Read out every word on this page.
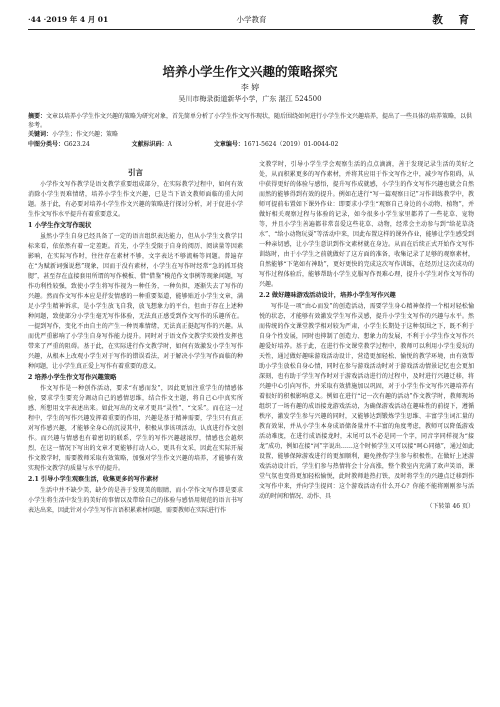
·44 ·2019 年 4 月 01	小学教育	教 育
培养小学生作文兴趣的策略探究
李 婷
吴川市梅录街道新华小学，广东 湛江 524500
摘要：文章以培养小学生作文兴趣的策略为研究对象，首先简单分析了小学生作文写作现状，随后围绕如何进行小学生作文兴趣培养，提出了一些具体的培养策略，以供参考。
关键词：小学生；作文兴趣；策略
中图分类号：G623.24	文献标识码：A	文章编号：1671-5624（2019）01-0044-02
引言

小学作文写作教学是语文教学重要组成部分，在实际教学过程中，如何有效消除小学生畏难情绪，培养小学生作文兴趣，已是当下语文教师面临的重大问题。基于此，有必要对培养小学生作文兴趣的策略进行探讨分析，对于促进小学生作文写作水平提升有着重要意义。

1 小学生作文写作现状

虽然小学生自身已经具备了一定的语言组织表达能力，但从小学生文教学目标来看，依依然有着一定差距。首先，小学生受限于自身的阅历、阅读量等因素影响，在实际写作时，往往存在素材不够，文字表达不够流畅等问题。普遍存在“为赋新词强说愁”现象，因而于没有素材，小学生在写作时经常“急的抓耳挠腮”，甚至存在直接套用所谓的写作模板、借“借鉴”模范作文事例等现象问题，写作功利性较强，致使小学生将写作视为一种任务，一种负担，逐渐失去了写作的兴趣。然而作文写作本应是抒发情感的一种重要渠道，能够贴近小学生文章，满足小学生精神诉求，是小学生放飞自我，放飞想象力的平台，但由于存在上述种种问题，致使部分小学生毫无写作体验，无法真正感受到作文写作的乐趣所在。一提到写作，变化不由自主的产生一种畏难情绪，无法真正挺起写作的兴趣。从而优严重影响了小学生自身写作能力提升。同时对于语文作文教学实效性发挥也带来了严重的阻碍。基于此，在实际进行作文教学时，如何有效激发小学生写作兴趣，从根本上改观小学生对于写作的错误看法，对于解决小学生写作面临的种种问题，让小学生真正爱上写作有着重要的意义。

2 培养小学生作文写作兴趣策略

作文写作是一种创作活动，要求“有感而发”，因此更加注重学生的情感体验，要求学生要充分调动自己的感情思维，结合作文主题，将自己心中真实所感、所想用文字表述出来。如此写出的文章才更具“灵性”、“文采”。而在这一过程中，学生的写作兴趣发挥着重要的作用，兴趣是基于精神需要，学生只有真正对写作感兴趣，才能够全身心的沉浸其中，积极从事该项活动，认真进行作文创作。而兴趣与情感也有着密切的联系，学生的写作兴趣越浓厚，情感也会越炽烈，在这一情况下写出的文章才更能够打动人心，更具有文采，因此在实际开展作文教学时，需要教师采取有效策略，加强对学生作文兴趣的培养，才能够有效实现作文教学的质量与水平的提升。

2.1 引导小学生观察生活，收集更多的写作素材

生活中并不缺少美，缺少的是善于发现美的眼睛，而小学作文写作即是要求小学生将生活中发生的美好的事情以及带给自己的体验与感悟用规范的语言书写表达出来，因此针对小学生写作言语积累素材问题，需要教师在实际进行作

文教学时，引导小学生学会观察生活的点点滴滴，善于发现记录生活的美好之处，从而积累更多的写作素材，并将其应用于作文写作之中，减少写作阻碍，从中获得更好的体验与感悟，提升写作成就感，小学生的作文写作兴趣也就会自然而然的能够得到有效的提升。例如在进行“写一篇观察日记”习作训练教学中，教师可提前布置如下课外作业：即要求小学生“观察自己身边的小动物、植物”，并做好相关观察过程与体验的记录，如今很多小学生家里都养了一些花草、宠物等，并且小学生善遍都非常喜爱这些花草、动物，经常会主动参与到“给花草浇水”、“给小动物玩耍”等活动中来，因此布置这样的课外作业，能够让学生感受到一种亲切感，让小学生意识到作文素材就在身边。从而在后续正式开始作文写作训练时，由于小学生之前就做好了这方面的准备，收集记录了足够的观察素材，自然能够“下笔如有神助”，更好更快的完成这次写作训练，在经历过这次成功的写作过程体验后，能够帮助小学生克服写作畏难心理，提升小学生对作文写作的兴趣。

2.2 做好趣味游戏活动设计，培养小学生写作兴趣

写作是一项“由心而发”的创造活动，需要学生身心精神保持一个相对轻松愉悦的状态，才能够有效激发学生写作灵感，提升小学生文写作的兴趣与水平。然而传统的作文课堂教学相对较为严肃，小学生长期处于这种氛围之下，既不利于自身个性发展，同时也抑制了创造力、想象力的发展，不利于小学生作文写作兴趣爱好培养。基于此，在进行作文课堂教学过程中，教师可以利用小学生爱玩的天性，通过做好趣味游戏活动设计，营造更加轻松、愉悦的教学环境，由有效帮助小学生放松自身心情，同时在参与游戏活动时对于游戏活动情景记忆也会更加深刻，也有助于学生写作时对于游戏活动进行的过程中，及时进行兴趣迁移，将兴趣中心引向写作，并采取有效措施加以巩固，对于小学生作文写作兴趣培养有着很好的积极影响意义。例如在进行“记一次有趣的活动”作文教学时，教师现场组织了一场有趣的成语接龙游戏活动，为确保游戏活动在趣味性的前提下，遵循秩序，激发学生参与兴趣的同时，又能够达到锻炼学生思维、丰富学生词汇量的教育效果，并从小学生本身成语储备量并不丰富的角度考虑，教师可以降低游戏活动难度，在进行成语接龙时，末尾可以不必是同一个字，同音字同样视为“接龙”成功，例如在接“河”字说出……这个时候学生又可以接“呵心同德”，通过如此设置，能够保障游戏进行的更加顺利，避免挫伤学生参与积极性，在做好上述游戏活动设计后，学生们参与热情将会十分高涨，整个教室内充满了欢声笑语，课堂气氛也变得更加轻松愉悦，此时教师趁热打铁，及时将学生的兴趣点迁移到作文写作中来，并向学生提问：这个游戏活动有什么开心？你能不能将刚刚参与活动的时间和情况、动作、具

（下转第 46 页）
